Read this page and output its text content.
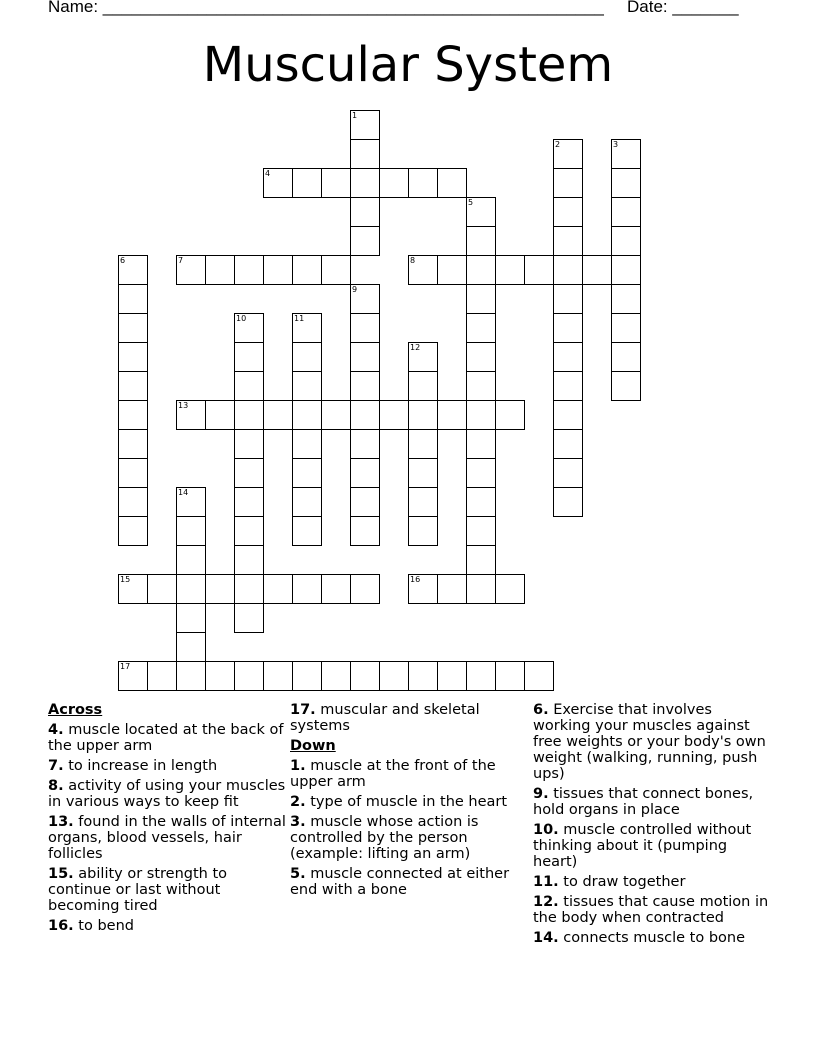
Name: _____________________________________________________ Date: _______
Muscular System
1
2	3
4
5
6	7	8
9
10	11
12
13
14
15	16
17
Across
4. muscle located at the back of the upper arm
7. to increase in length
8. activity of using your muscles in various ways to keep fit
13. found in the walls of internal organs, blood vessels, hair follicles
15. ability or strength to continue or last without becoming tired
16. to bend
17. muscular and skeletal systems
Down
1. muscle at the front of the upper arm
2. type of muscle in the heart
3. muscle whose action is controlled by the person (example: lifting an arm)
5. muscle connected at either end with a bone
6. Exercise that involves working your muscles against free weights or your body's own weight (walking, running, push ups)
9. tissues that connect bones, hold organs in place
10. muscle controlled without thinking about it (pumping heart)
11. to draw together
12. tissues that cause motion in the body when contracted
14. connects muscle to bone
